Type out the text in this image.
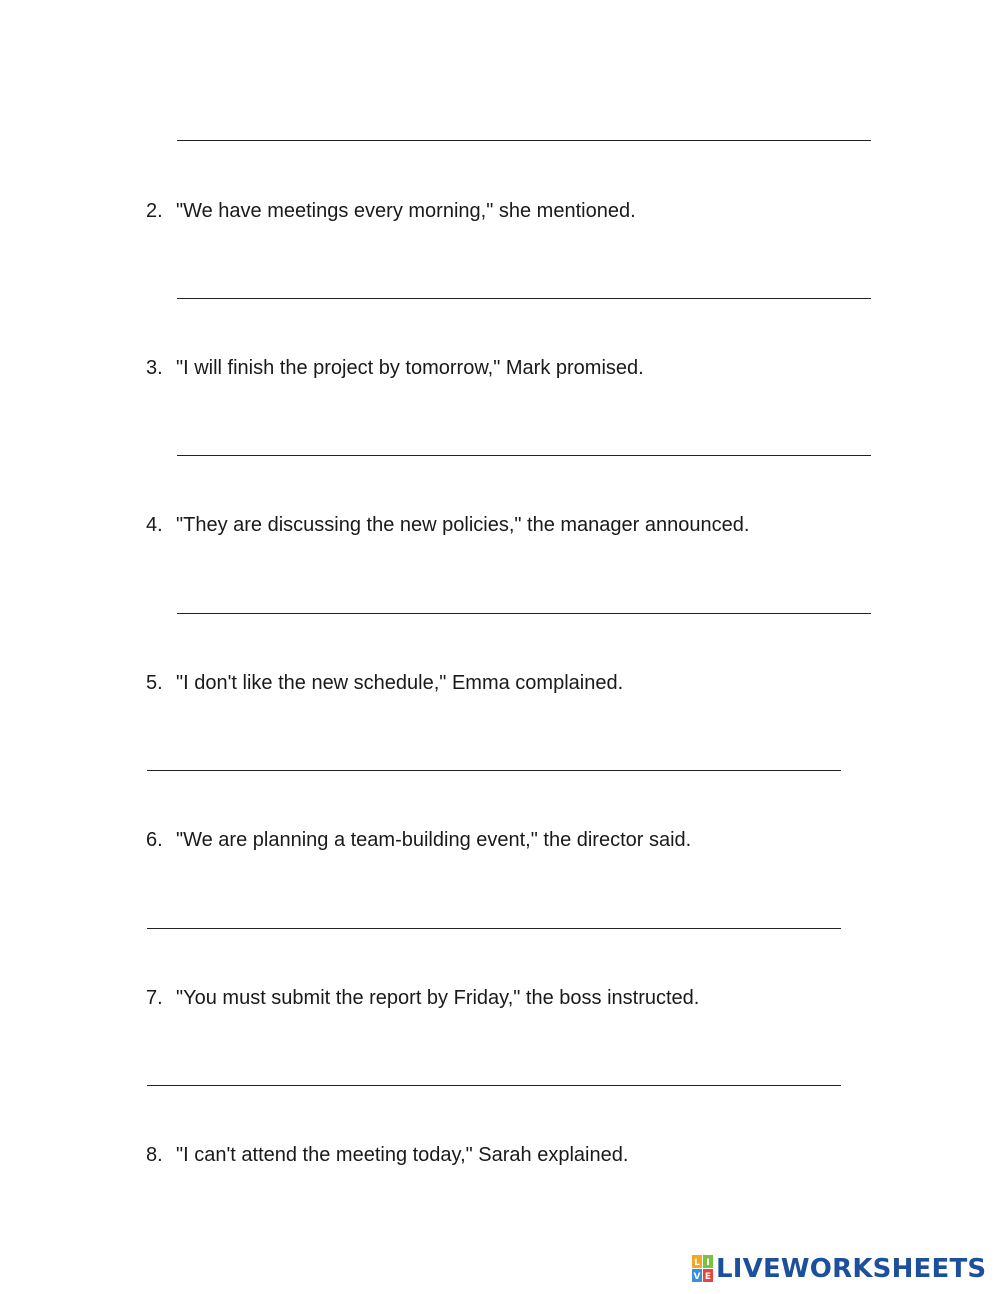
2. "We have meetings every morning," she mentioned.
3. "I will finish the project by tomorrow," Mark promised.
4. "They are discussing the new policies," the manager announced.
5. "I don't like the new schedule," Emma complained.
6. "We are planning a team-building event," the director said.
7. "You must submit the report by Friday," the boss instructed.
8. "I can't attend the meeting today," Sarah explained.
L I
V E LIVEWORKSHEETS
